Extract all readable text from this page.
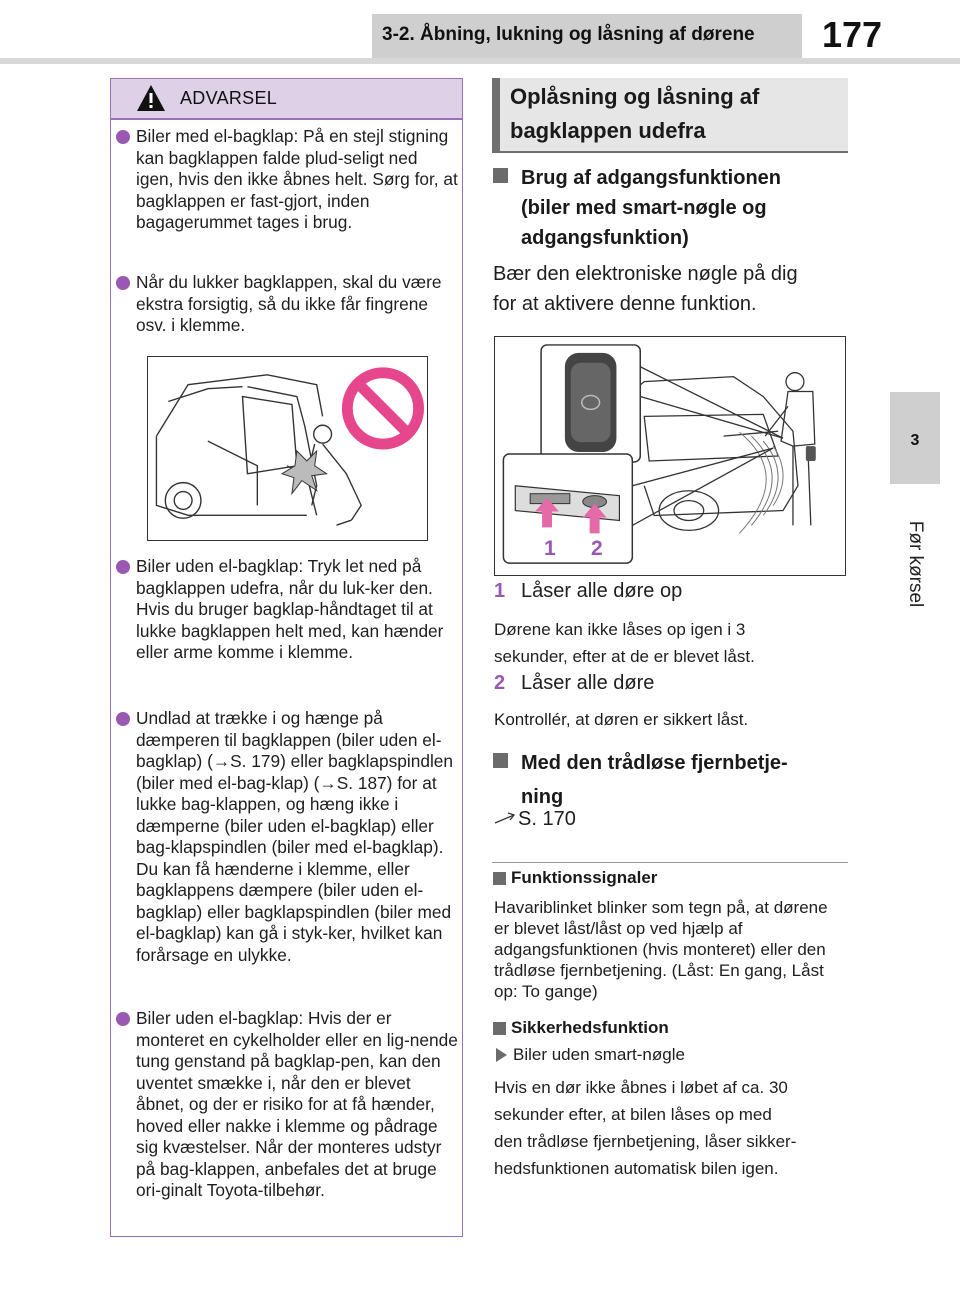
3-2. Åbning, lukning og låsning af dørene	177
3
Før kørsel
ADVARSEL
Biler med el-bagklap: På en stejl stigning kan bagklappen falde plud-seligt ned igen, hvis den ikke åbnes helt. Sørg for, at bagklappen er fast-gjort, inden bagagerummet tages i brug.
Når du lukker bagklappen, skal du være ekstra forsigtig, så du ikke får fingrene osv. i klemme.
Biler uden el-bagklap: Tryk let ned på bagklappen udefra, når du luk-ker den. Hvis du bruger bagklap-håndtaget til at lukke bagklappen helt med, kan hænder eller arme komme i klemme.
Undlad at trække i og hænge på dæmperen til bagklappen (biler uden el-bagklap) (→S. 179) eller bagklapspindlen (biler med el-bag-klap) (→S. 187) for at lukke bag-klappen, og hæng ikke i dæmperne (biler uden el-bagklap) eller bag-klapspindlen (biler med el-bagklap). Du kan få hænderne i klemme, eller bagklappens dæmpere (biler uden el-bagklap) eller bagklapspindlen (biler med el-bagklap) kan gå i styk-ker, hvilket kan forårsage en ulykke.
Biler uden el-bagklap: Hvis der er monteret en cykelholder eller en lig-nende tung genstand på bagklap-pen, kan den uventet smække i, når den er blevet åbnet, og der er risiko for at få hænder, hoved eller nakke i klemme og pådrage sig kvæstelser. Når der monteres udstyr på bag-klappen, anbefales det at bruge ori-ginalt Toyota-tilbehør.
Oplåsning og låsning af
bagklappen udefra
Brug af adgangsfunktionen
(biler med smart-nøgle og
adgangsfunktion)
Bær den elektroniske nøgle på dig
for at aktivere denne funktion.
1 2
1 Låser alle døre op
Dørene kan ikke låses op igen i 3
sekunder, efter at de er blevet låst.
2 Låser alle døre
Kontrollér, at døren er sikkert låst.
Med den trådløse fjernbetje-
ning
S. 170
Funktionssignaler
Havariblinket blinker som tegn på, at dørene er blevet låst/låst op ved hjælp af adgangsfunktionen (hvis monteret) eller den trådløse fjernbetjening. (Låst: En gang, Låst op: To gange)
Sikkerhedsfunktion
Biler uden smart-nøgle
Hvis en dør ikke åbnes i løbet af ca. 30
sekunder efter, at bilen låses op med
den trådløse fjernbetjening, låser sikker-
hedsfunktionen automatisk bilen igen.
